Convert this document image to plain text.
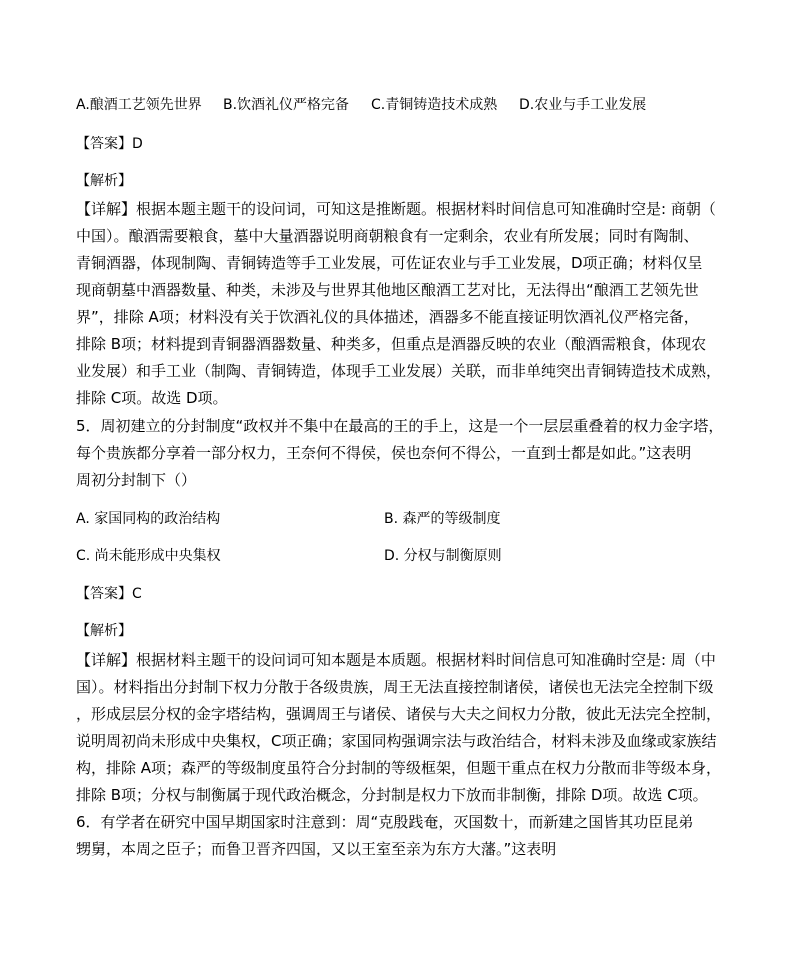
A.酿酒工艺领先世界 B.饮酒礼仪严格完备 C.青铜铸造技术成熟 D.农业与手工业发展
【答案】D
【解析】
【详解】根据本题主题干的设问词，可知这是推断题。根据材料时间信息可知准确时空是: 商朝（
中国）。酿酒需要粮食，墓中大量酒器说明商朝粮食有一定剩余，农业有所发展；同时有陶制、
青铜酒器，体现制陶、青铜铸造等手工业发展，可佐证农业与手工业发展，D项正确；材料仅呈
现商朝墓中酒器数量、种类，未涉及与世界其他地区酿酒工艺对比，无法得出“酿酒工艺领先世
界”，排除 A项；材料没有关于饮酒礼仪的具体描述，酒器多不能直接证明饮酒礼仪严格完备，
排除 B项；材料提到青铜器酒器数量、种类多，但重点是酒器反映的农业（酿酒需粮食，体现农
业发展）和手工业（制陶、青铜铸造，体现手工业发展）关联，而非单纯突出青铜铸造技术成熟，
排除 C项。故选 D项。
5．周初建立的分封制度“政权并不集中在最高的王的手上，这是一个一层层重叠着的权力金字塔，
每个贵族都分享着一部分权力，王奈何不得侯，侯也奈何不得公，一直到士都是如此。”这表明
周初分封制下（）
A. 家国同构的政治结构	B. 森严的等级制度
C. 尚未能形成中央集权	D. 分权与制衡原则
【答案】C
【解析】
【详解】根据材料主题干的设问词可知本题是本质题。根据材料时间信息可知准确时空是: 周（中
国）。材料指出分封制下权力分散于各级贵族，周王无法直接控制诸侯，诸侯也无法完全控制下级
，形成层层分权的金字塔结构，强调周王与诸侯、诸侯与大夫之间权力分散，彼此无法完全控制，
说明周初尚未形成中央集权，C项正确；家国同构强调宗法与政治结合，材料未涉及血缘或家族结
构，排除 A项；森严的等级制度虽符合分封制的等级框架，但题干重点在权力分散而非等级本身，
排除 B项；分权与制衡属于现代政治概念，分封制是权力下放而非制衡，排除 D项。故选 C项。
6．有学者在研究中国早期国家时注意到：周“克殷践奄，灭国数十，而新建之国皆其功臣昆弟
甥舅，本周之臣子；而鲁卫晋齐四国，又以王室至亲为东方大藩。”这表明
